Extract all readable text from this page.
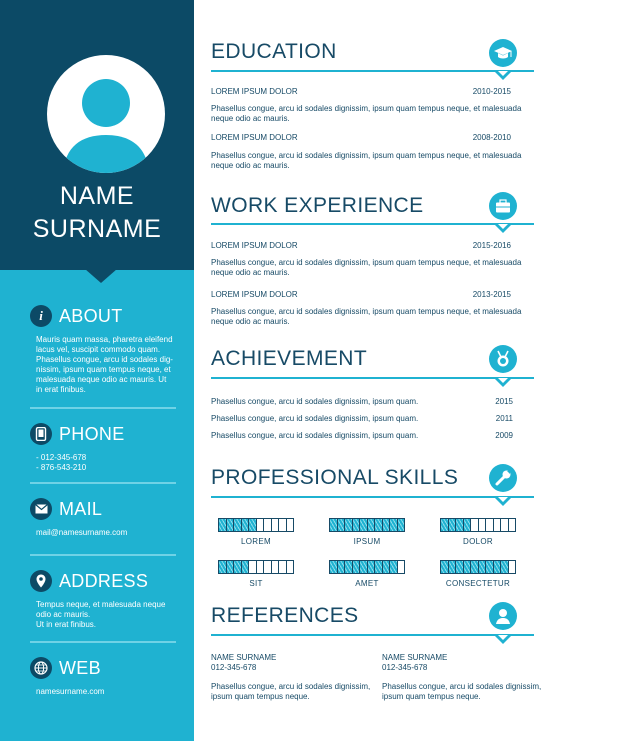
NAME
SURNAME
i ABOUT
Mauris quam massa, pharetra eleifend
lacus vel, suscipit commodo quam.
Phasellus congue, arcu id sodales dig-
nissim, ipsum quam tempus neque, et
malesuada neque odio ac mauris. Ut
in erat finibus.
PHONE
- 012-345-678
- 876-543-210
MAIL
mail@namesurname.com
ADDRESS
Tempus neque, et malesuada neque
odio ac mauris.
Ut in erat finibus.
WEB
namesurname.com
EDUCATION
LOREM IPSUM DOLOR	2010-2015
Phasellus congue, arcu id sodales dignissim, ipsum quam tempus neque, et malesuada neque odio ac mauris.
LOREM IPSUM DOLOR	2008-2010
Phasellus congue, arcu id sodales dignissim, ipsum quam tempus neque, et malesuada neque odio ac mauris.
WORK EXPERIENCE
LOREM IPSUM DOLOR	2015-2016
Phasellus congue, arcu id sodales dignissim, ipsum quam tempus neque, et malesuada neque odio ac mauris.
LOREM IPSUM DOLOR	2013-2015
Phasellus congue, arcu id sodales dignissim, ipsum quam tempus neque, et malesuada neque odio ac mauris.
ACHIEVEMENT
Phasellus congue, arcu id sodales dignissim, ipsum quam.	2015
Phasellus congue, arcu id sodales dignissim, ipsum quam.	2011
Phasellus congue, arcu id sodales dignissim, ipsum quam.	2009
PROFESSIONAL SKILLS
LOREM	IPSUM	DOLOR
SIT	AMET	CONSECTETUR
REFERENCES
NAME SURNAME
012-345-678
Phasellus congue, arcu id sodales dignissim, ipsum quam tempus neque.
NAME SURNAME
012-345-678
Phasellus congue, arcu id sodales dignissim, ipsum quam tempus neque.
